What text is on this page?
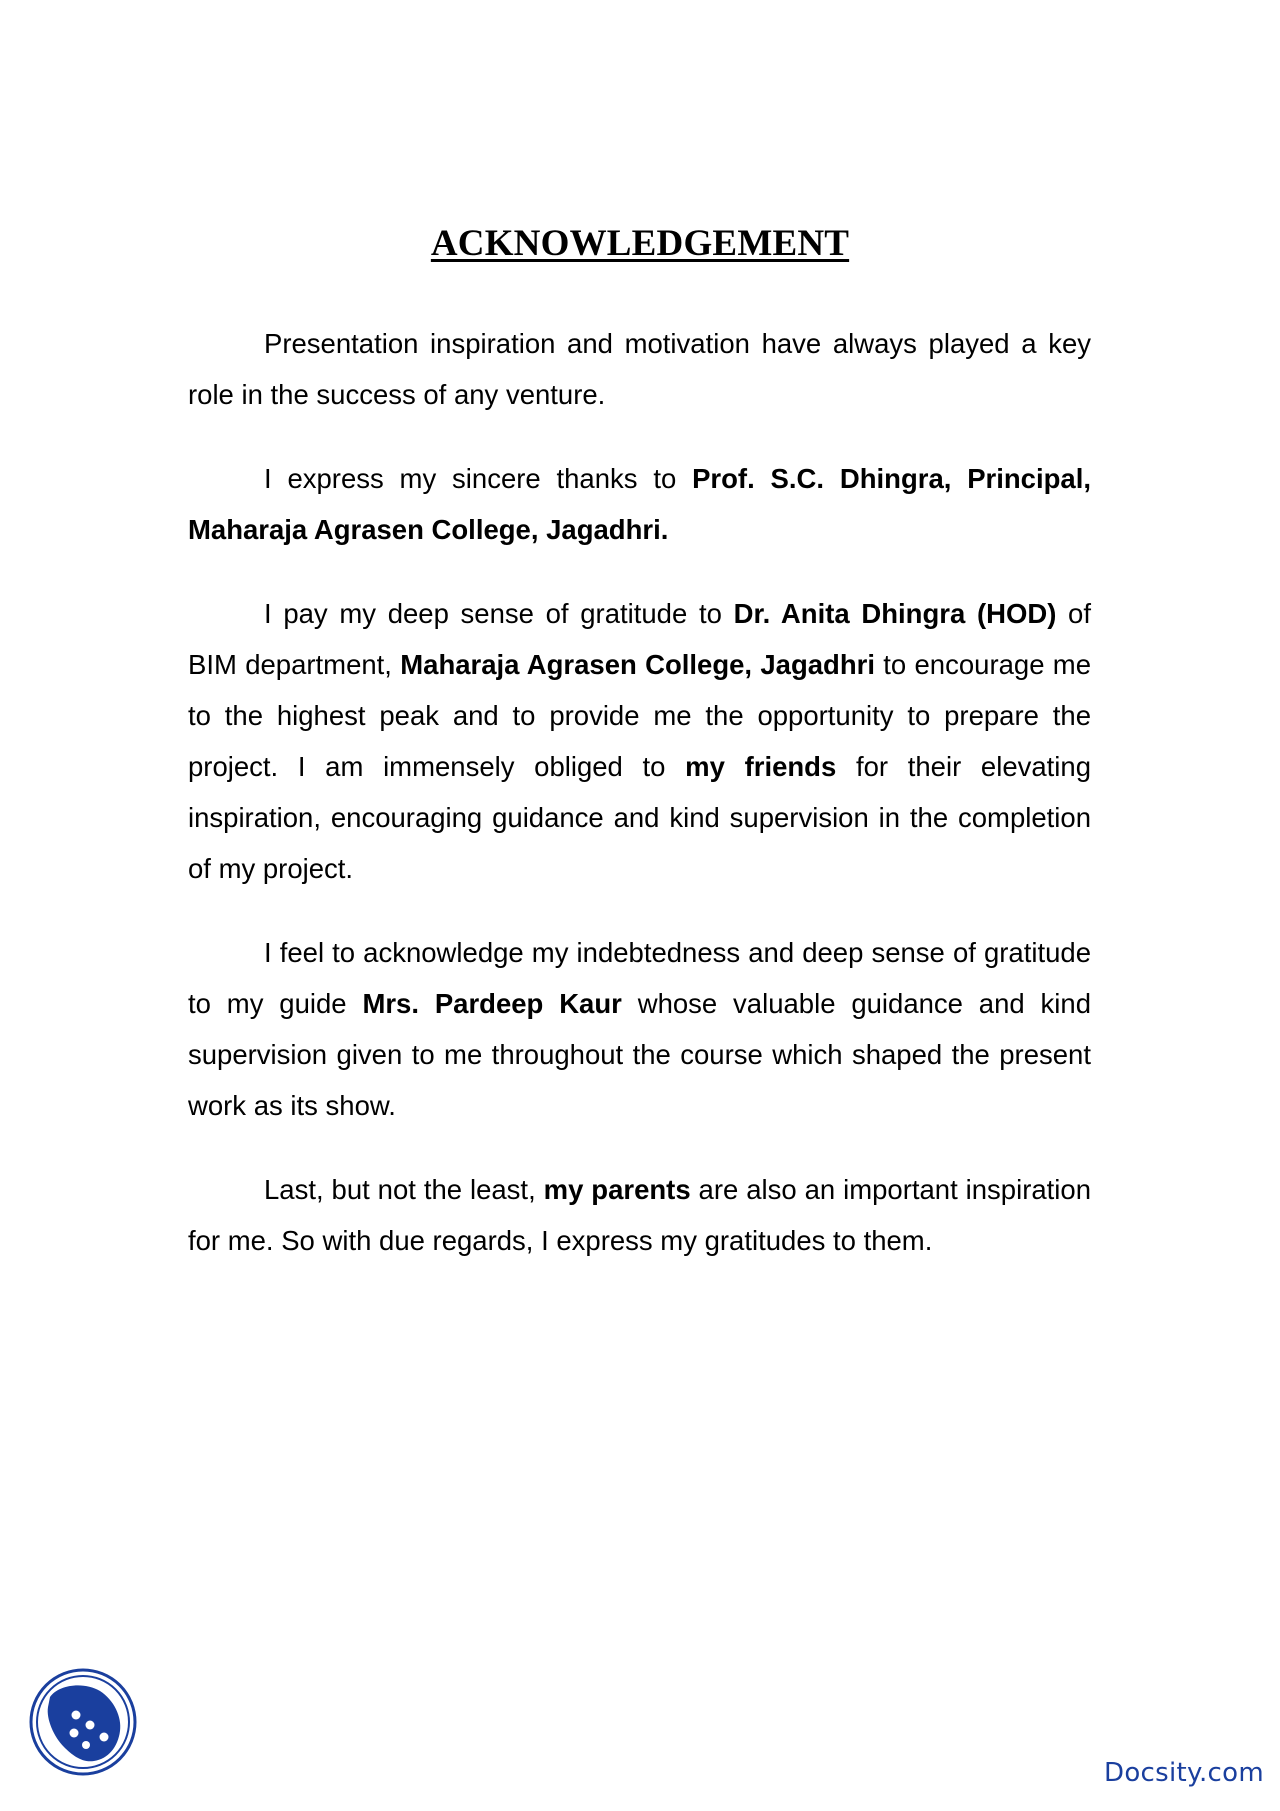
ACKNOWLEDGEMENT

Presentation inspiration and motivation have always played a key role in the success of any venture.

I express my sincere thanks to Prof. S.C. Dhingra, Principal, Maharaja Agrasen College, Jagadhri.

I pay my deep sense of gratitude to Dr. Anita Dhingra (HOD) of BIM department, Maharaja Agrasen College, Jagadhri to encourage me to the highest peak and to provide me the opportunity to prepare the project. I am immensely obliged to my friends for their elevating inspiration, encouraging guidance and kind supervision in the completion of my project.

I feel to acknowledge my indebtedness and deep sense of gratitude to my guide Mrs. Pardeep Kaur whose valuable guidance and kind supervision given to me throughout the course which shaped the present work as its show.

Last, but not the least, my parents are also an important inspiration for me. So with due regards, I express my gratitudes to them.

Docsity.com
